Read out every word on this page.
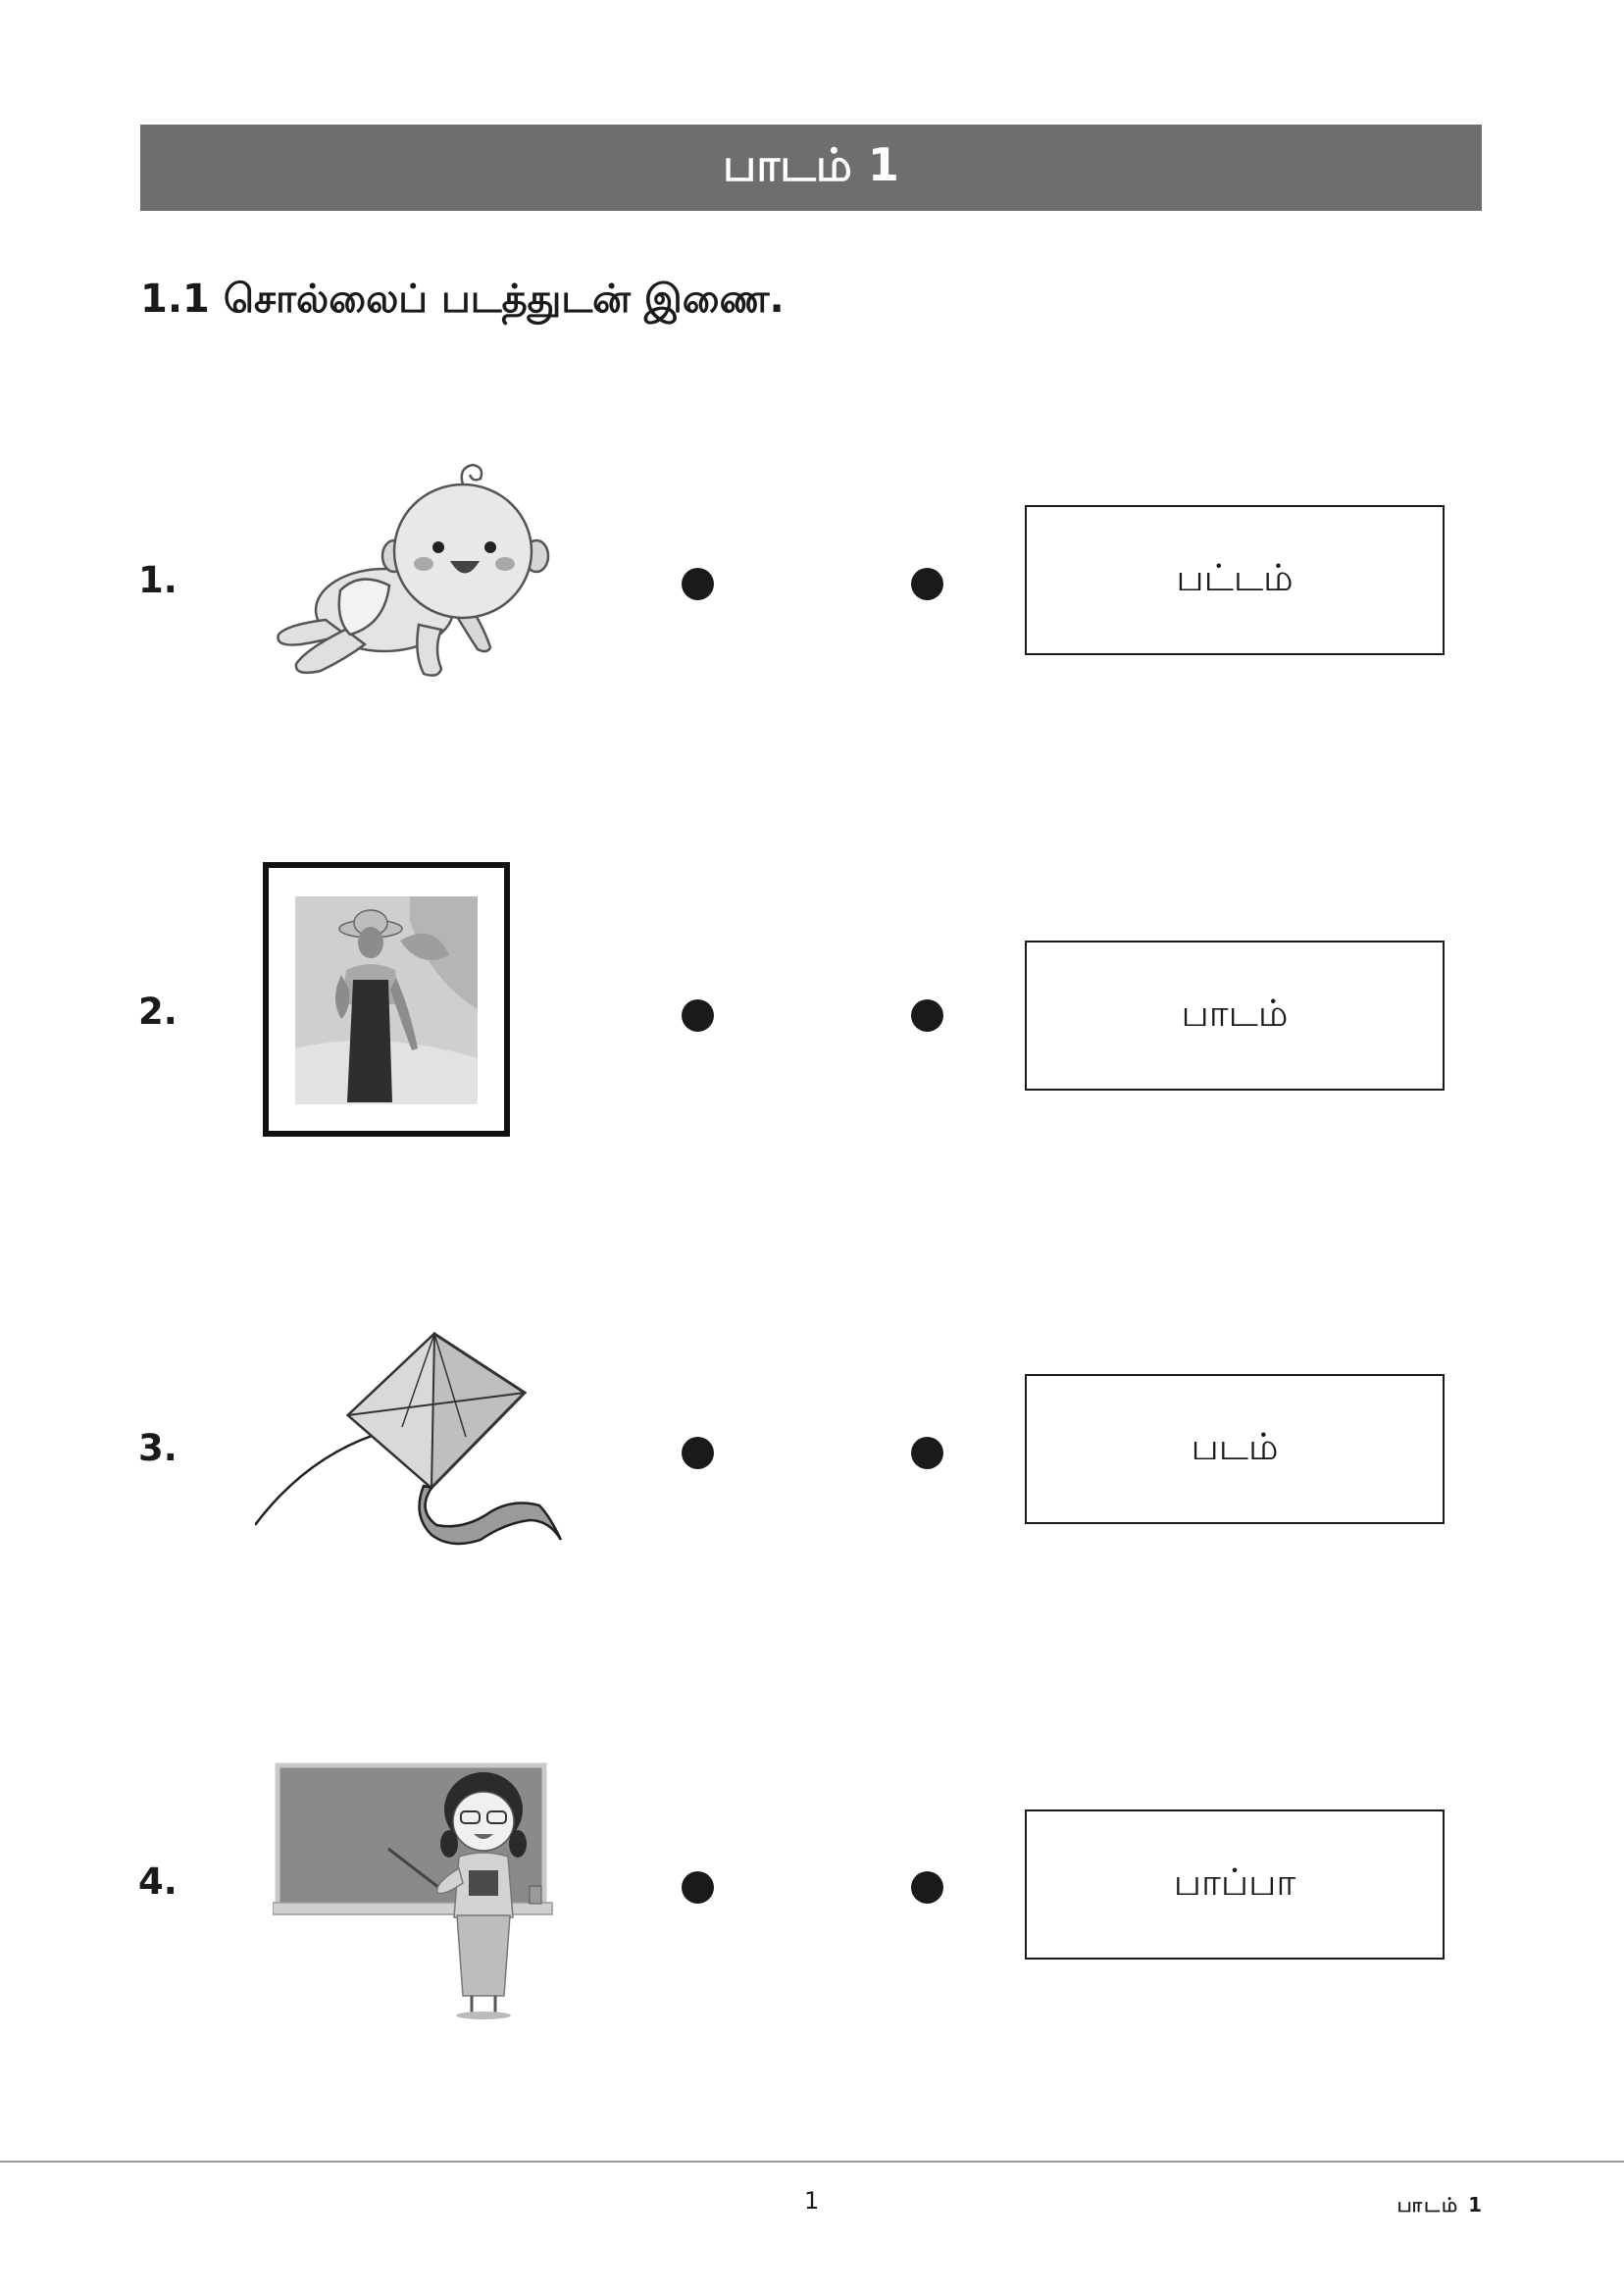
பாடம் 1
1.1 சொல்லைப் படத்துடன் இணை.
1.	பட்டம்
2.	பாடம்
3.	படம்
4.	பாப்பா
1	பாடம் 1
